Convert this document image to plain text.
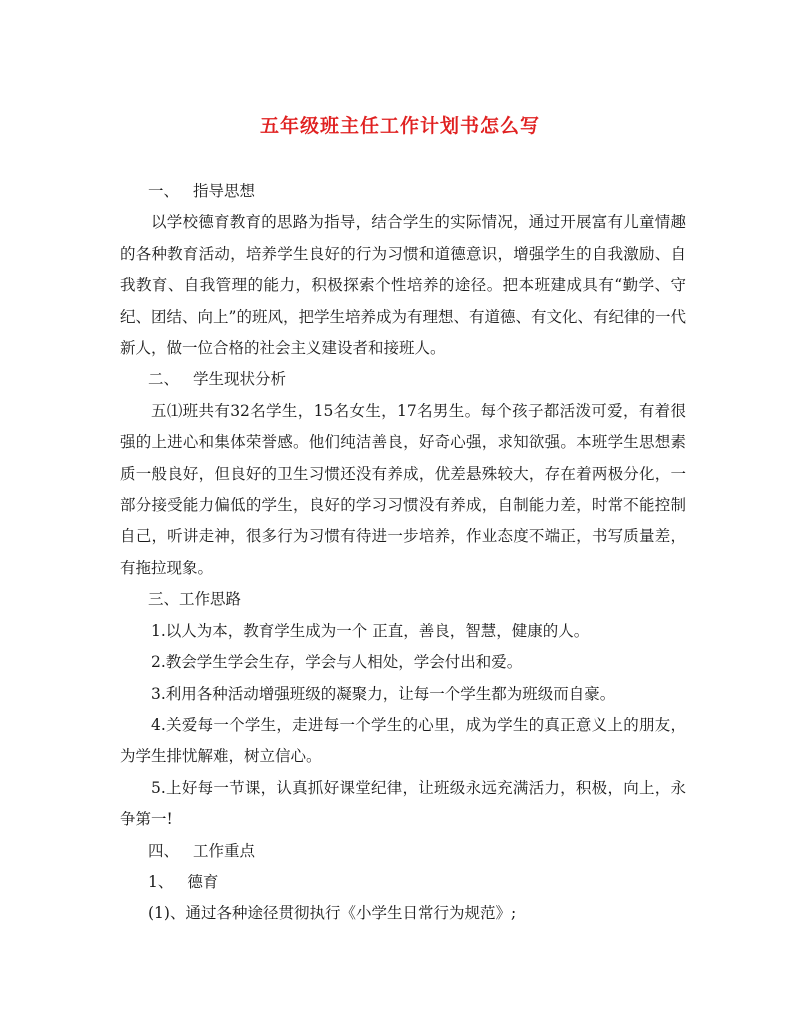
五年级班主任工作计划书怎么写

一、 指导思想

以学校德育教育的思路为指导，结合学生的实际情况，通过开展富有儿童情趣的各种教育活动，培养学生良好的行为习惯和道德意识，增强学生的自我激励、自我教育、自我管理的能力，积极探索个性培养的途径。把本班建成具有“勤学、守纪、团结、向上”的班风，把学生培养成为有理想、有道德、有文化、有纪律的一代新人，做一位合格的社会主义建设者和接班人。

二、 学生现状分析

五⑴班共有32名学生，15名女生，17名男生。每个孩子都活泼可爱，有着很强的上进心和集体荣誉感。他们纯洁善良，好奇心强，求知欲强。本班学生思想素质一般良好，但良好的卫生习惯还没有养成，优差悬殊较大，存在着两极分化，一部分接受能力偏低的学生，良好的学习习惯没有养成，自制能力差，时常不能控制自己，听讲走神，很多行为习惯有待进一步培养，作业态度不端正，书写质量差，有拖拉现象。

三、工作思路

1.以人为本，教育学生成为一个 正直，善良，智慧，健康的人。

2.教会学生学会生存，学会与人相处，学会付出和爱。

3.利用各种活动增强班级的凝聚力，让每一个学生都为班级而自豪。

4.关爱每一个学生，走进每一个学生的心里，成为学生的真正意义上的朋友，为学生排忧解难，树立信心。

5.上好每一节课，认真抓好课堂纪律，让班级永远充满活力，积极，向上，永争第一!

四、 工作重点

1、 德育

(1)、通过各种途径贯彻执行《小学生日常行为规范》;
